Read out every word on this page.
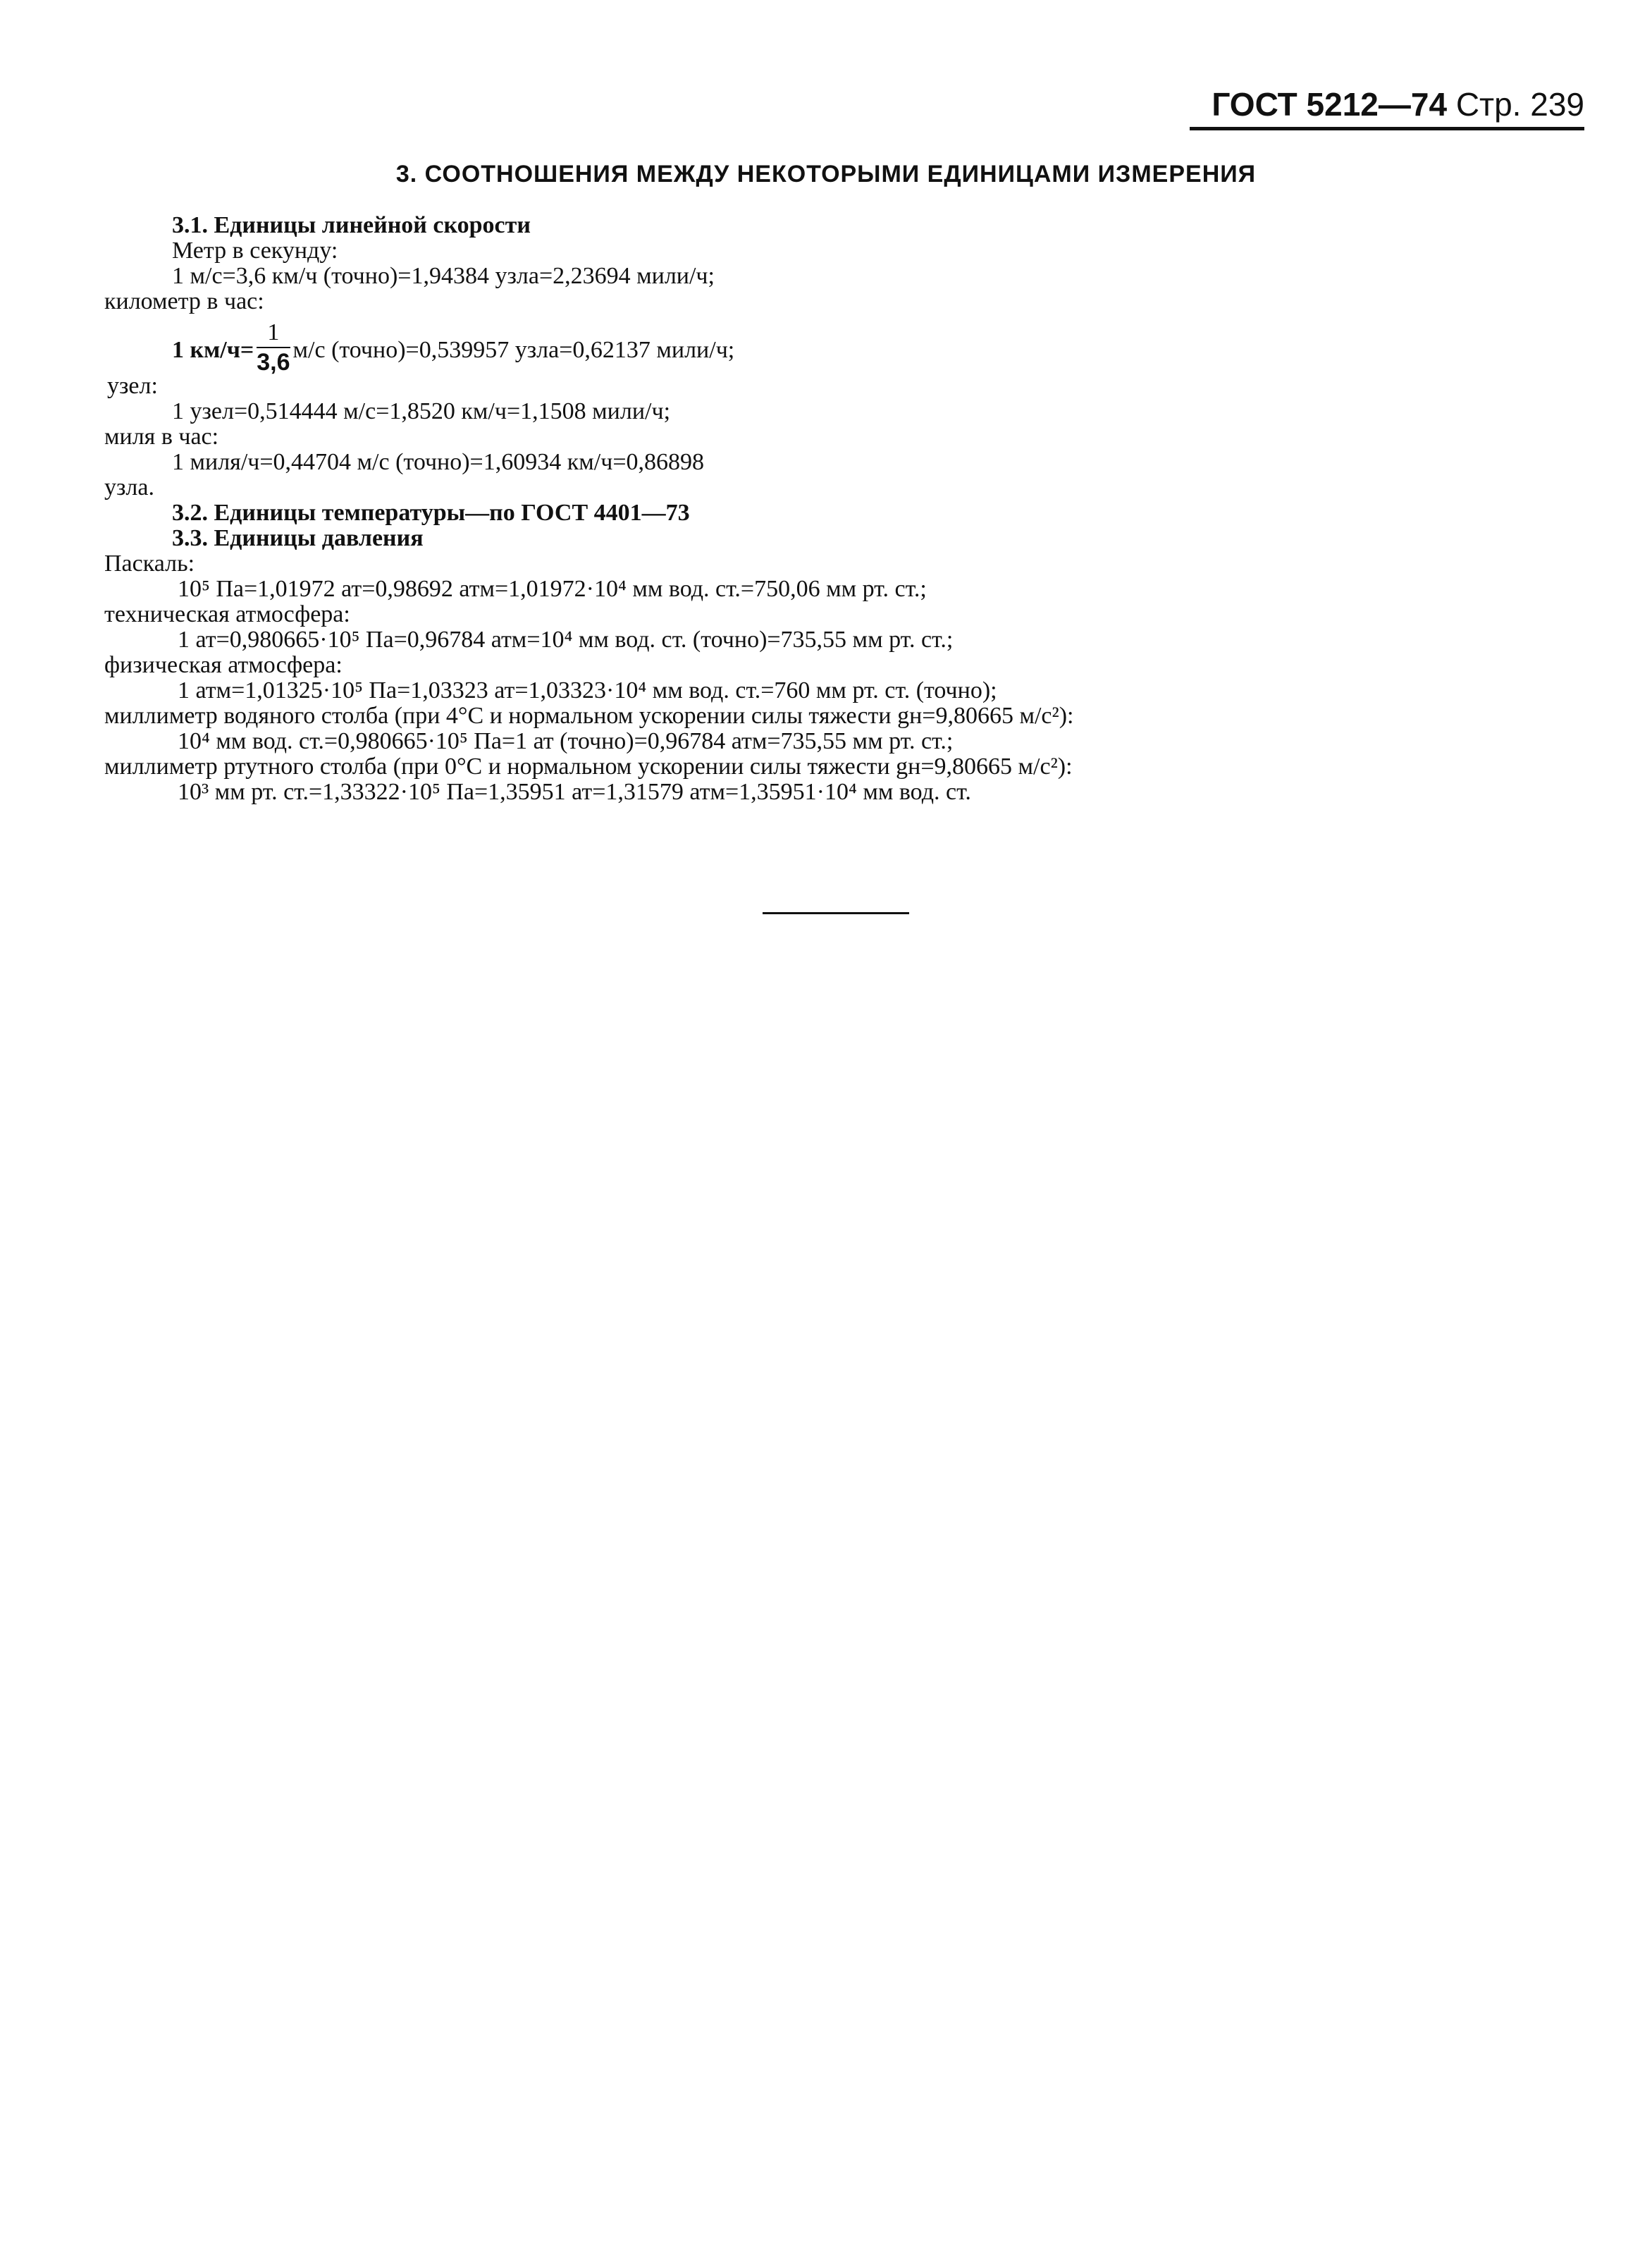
ГОСТ 5212—74 Стр. 239
3. СООТНОШЕНИЯ МЕЖДУ НЕКОТОРЫМИ ЕДИНИЦАМИ ИЗМЕРЕНИЯ
3.1. Единицы линейной скорости
Метр в секунду:
1 м/с=3,6 км/ч (точно)=1,94384 узла=2,23694 мили/ч;
километр в час:
1 $км/ч= \frac{1}{3,6} м/с$ (точно)=0,539957 узла=0,62137 мили/ч;
узел:
1 узел=0,514444 м/с=1,8520 км/ч=1,1508 мили/ч;
миля в час:
1 миля/ч=0,44704 м/с (точно)=1,60934 км/ч=0,86898
узла.
3.2. Единицы температуры—по ГОСТ 4401—73
3.3. Единицы давления
Паскаль:
10⁵ Па=1,01972 ат=0,98692 атм=1,01972·10⁴ мм вод. ст.=750,06 мм рт. ст.;
техническая атмосфера:
1 ат=0,980665·10⁵ Па=0,96784 атм=10⁴ мм вод. ст. (точно)=735,55 мм рт. ст.;
физическая атмосфера:
1 атм=1,01325·10⁵ Па=1,03323 ат=1,03323·10⁴ мм вод. ст.=760 мм рт. ст. (точно);
миллиметр водяного столба (при 4°С и нормальном ускорении силы тяжести gн=9,80665 м/с²):
10⁴ мм вод. ст.=0,980665·10⁵ Па=1 ат (точно)=0,96784 атм=735,55 мм рт. ст.;
миллиметр ртутного столба (при 0°С и нормальном ускорении силы тяжести gн=9,80665 м/с²):
10³ мм рт. ст.=1,33322·10⁵ Па=1,35951 ат=1,31579 атм=1,35951·10⁴ мм вод. ст.
